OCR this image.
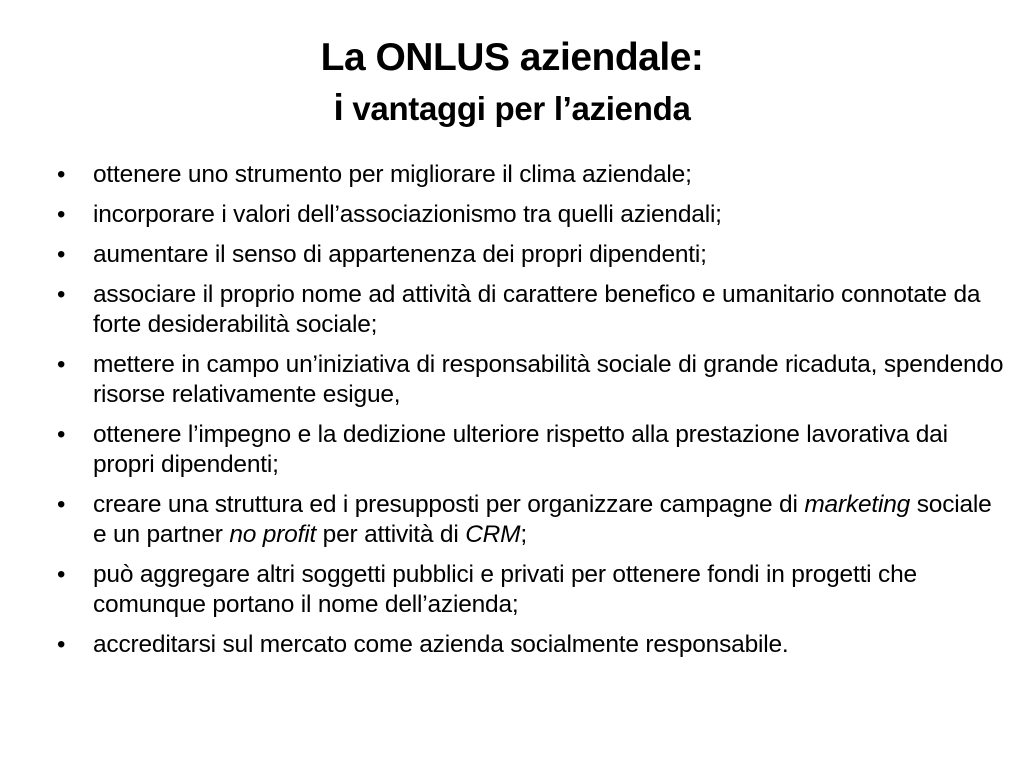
La ONLUS aziendale:
i vantaggi per l’azienda
• ottenere uno strumento per migliorare il clima aziendale;
• incorporare i valori dell’associazionismo tra quelli aziendali;
• aumentare il senso di appartenenza dei propri dipendenti;
• associare il proprio nome ad attività di carattere benefico e umanitario connotate da forte desiderabilità sociale;
• mettere in campo un’iniziativa di responsabilità sociale di grande ricaduta, spendendo risorse relativamente esigue,
• ottenere l’impegno e la dedizione ulteriore rispetto alla prestazione lavorativa dai propri dipendenti;
• creare una struttura ed i presupposti per organizzare campagne di marketing sociale e un partner no profit per attività di CRM;
• può aggregare altri soggetti pubblici e privati per ottenere fondi in progetti che comunque portano il nome dell’azienda;
• accreditarsi sul mercato come azienda socialmente responsabile.
